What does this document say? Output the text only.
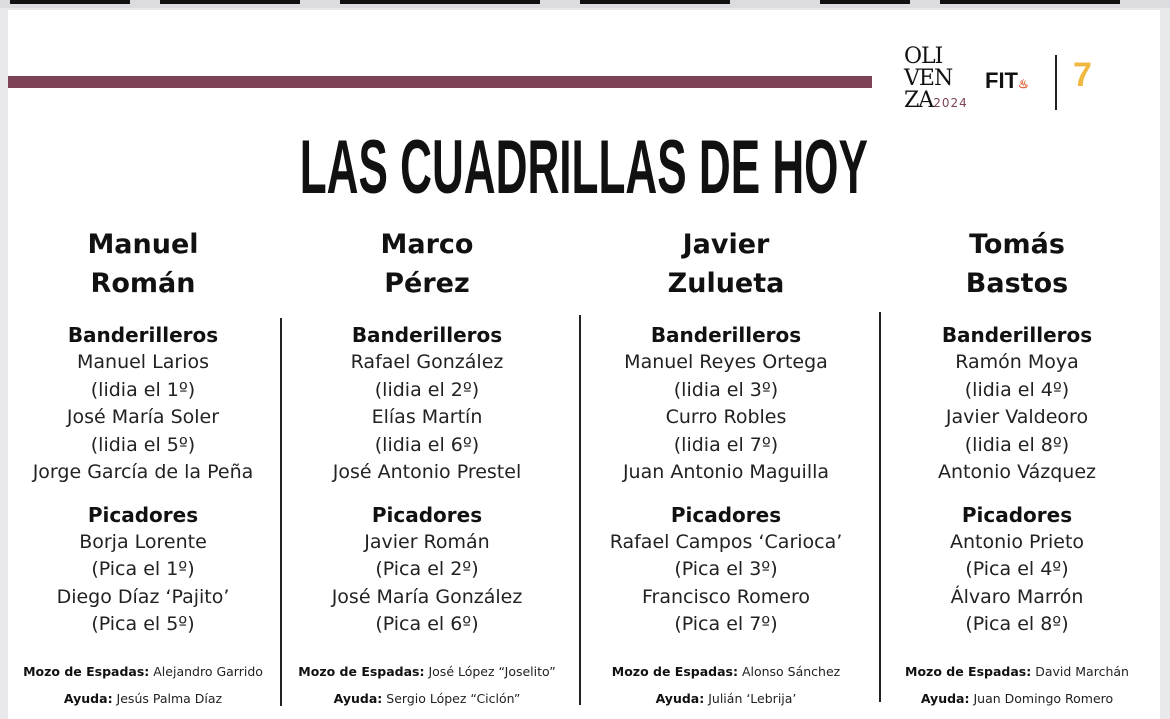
OLI
VEN
ZA2024
FIT♨ 7
LAS CUADRILLAS DE HOY
Manuel
Román
Banderilleros
Manuel Larios
(lidia el 1º)
José María Soler
(lidia el 5º)
Jorge García de la Peña
Picadores
Borja Lorente
(Pica el 1º)
Diego Díaz ‘Pajito’
(Pica el 5º)
Mozo de Espadas: Alejandro Garrido
Ayuda: Jesús Palma Díaz
Marco
Pérez
Banderilleros
Rafael González
(lidia el 2º)
Elías Martín
(lidia el 6º)
José Antonio Prestel
Picadores
Javier Román
(Pica el 2º)
José María González
(Pica el 6º)
Mozo de Espadas: José López “Joselito”
Ayuda: Sergio López “Ciclón”
Javier
Zulueta
Banderilleros
Manuel Reyes Ortega
(lidia el 3º)
Curro Robles
(lidia el 7º)
Juan Antonio Maguilla
Picadores
Rafael Campos ‘Carioca’
(Pica el 3º)
Francisco Romero
(Pica el 7º)
Mozo de Espadas: Alonso Sánchez
Ayuda: Julián ‘Lebrija’
Tomás
Bastos
Banderilleros
Ramón Moya
(lidia el 4º)
Javier Valdeoro
(lidia el 8º)
Antonio Vázquez
Picadores
Antonio Prieto
(Pica el 4º)
Álvaro Marrón
(Pica el 8º)
Mozo de Espadas: David Marchán
Ayuda: Juan Domingo Romero
